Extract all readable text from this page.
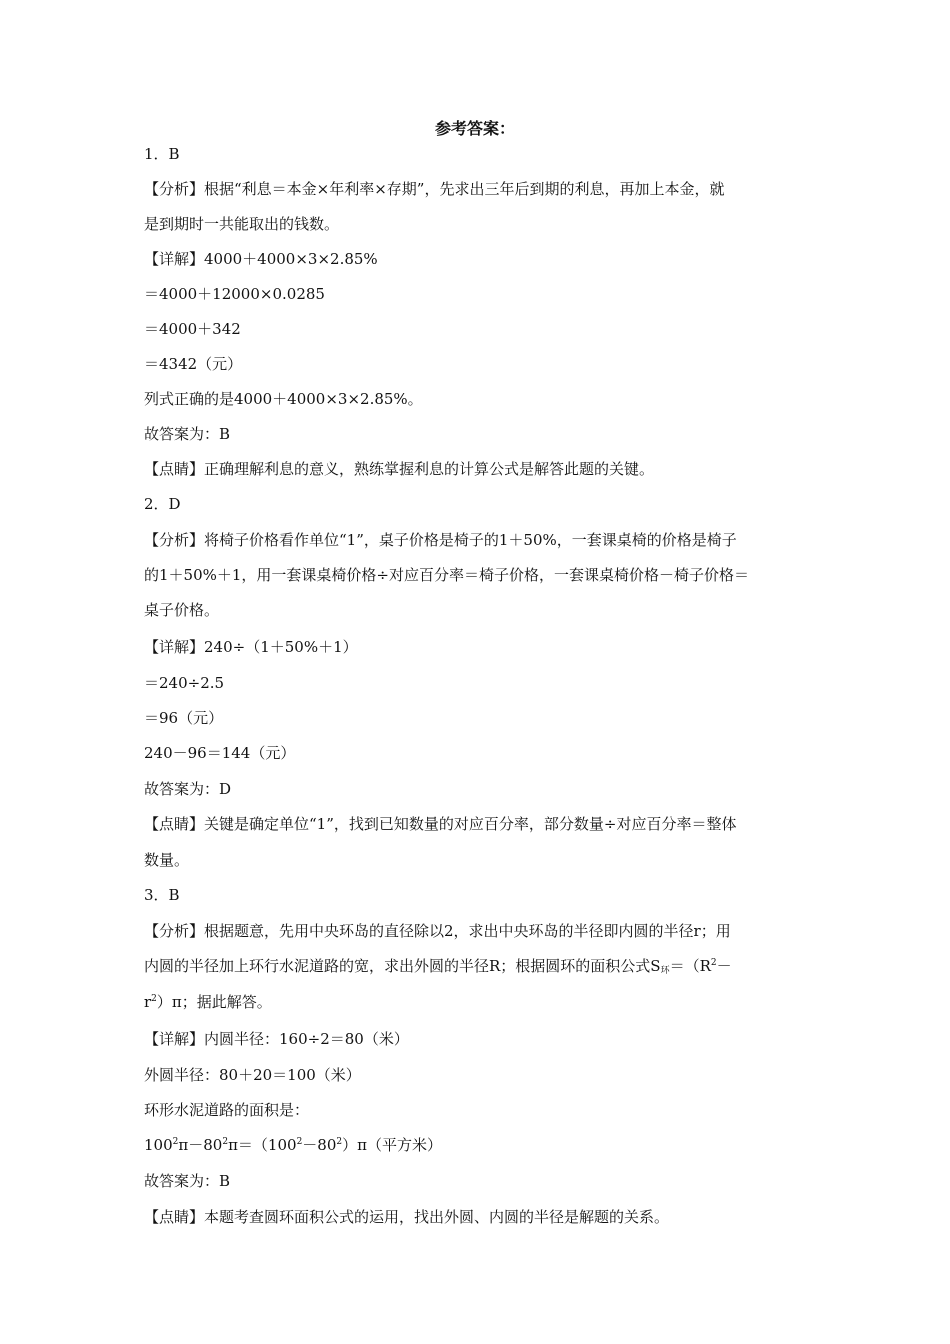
参考答案：
1．B
【分析】根据“利息＝本金×年利率×存期”，先求出三年后到期的利息，再加上本金，就
是到期时一共能取出的钱数。
【详解】4000＋4000×3×2.85%
＝4000＋12000×0.0285
＝4000＋342
＝4342（元）
列式正确的是4000＋4000×3×2.85%。
故答案为：B
【点睛】正确理解利息的意义，熟练掌握利息的计算公式是解答此题的关键。
2．D
【分析】将椅子价格看作单位“1”，桌子价格是椅子的1＋50%，一套课桌椅的价格是椅子
的1＋50%＋1，用一套课桌椅价格÷对应百分率＝椅子价格，一套课桌椅价格－椅子价格＝
桌子价格。
【详解】240÷（1＋50%＋1）
＝240÷2.5
＝96（元）
240－96＝144（元）
故答案为：D
【点睛】关键是确定单位“1”，找到已知数量的对应百分率，部分数量÷对应百分率＝整体
数量。
3．B
【分析】根据题意，先用中央环岛的直径除以2，求出中央环岛的半径即内圆的半径r；用
内圆的半径加上环行水泥道路的宽，求出外圆的半径R；根据圆环的面积公式$S_环=(R^2-$
$r^2)\pi$；据此解答。
【详解】内圆半径：160÷2＝80（米）
外圆半径：80＋20＝100（米）
环形水泥道路的面积是：
$100^2\pi-80^2\pi=(100^2-80^2)\pi$（平方米）
故答案为：B
【点睛】本题考查圆环面积公式的运用，找出外圆、内圆的半径是解题的关系。
